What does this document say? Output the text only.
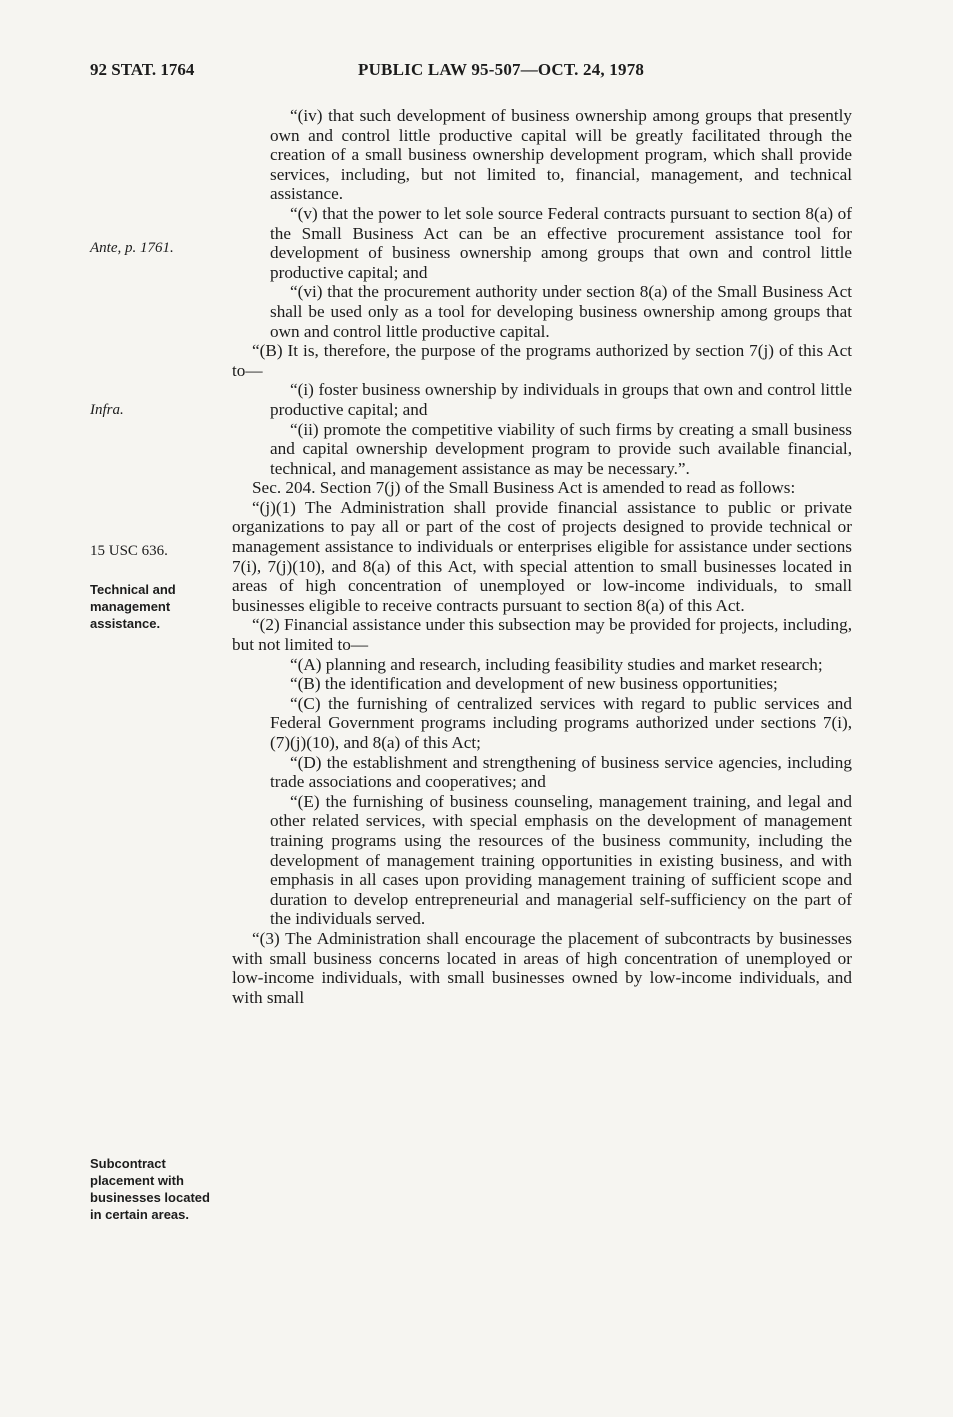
92 STAT. 1764	PUBLIC LAW 95-507—OCT. 24, 1978
Ante, p. 1761.
Infra.
15 USC 636.
Technical and management assistance.
Subcontract placement with businesses located in certain areas.

“(iv) that such development of business ownership among groups that presently own and control little productive capital will be greatly facilitated through the creation of a small business ownership development program, which shall provide services, including, but not limited to, financial, management, and technical assistance.

“(v) that the power to let sole source Federal contracts pursuant to section 8(a) of the Small Business Act can be an effective procurement assistance tool for development of business ownership among groups that own and control little productive capital; and

“(vi) that the procurement authority under section 8(a) of the Small Business Act shall be used only as a tool for developing business ownership among groups that own and control little productive capital.

“(B) It is, therefore, the purpose of the programs authorized by section 7(j) of this Act to—

“(i) foster business ownership by individuals in groups that own and control little productive capital; and

“(ii) promote the competitive viability of such firms by creating a small business and capital ownership development program to provide such available financial, technical, and management assistance as may be necessary.”.

Sec. 204. Section 7(j) of the Small Business Act is amended to read as follows:

“(j)(1) The Administration shall provide financial assistance to public or private organizations to pay all or part of the cost of projects designed to provide technical or management assistance to individuals or enterprises eligible for assistance under sections 7(i), 7(j)(10), and 8(a) of this Act, with special attention to small businesses located in areas of high concentration of unemployed or low-income individuals, to small businesses eligible to receive contracts pursuant to section 8(a) of this Act.

“(2) Financial assistance under this subsection may be provided for projects, including, but not limited to—

“(A) planning and research, including feasibility studies and market research;

“(B) the identification and development of new business opportunities;

“(C) the furnishing of centralized services with regard to public services and Federal Government programs including programs authorized under sections 7(i), (7)(j)(10), and 8(a) of this Act;

“(D) the establishment and strengthening of business service agencies, including trade associations and cooperatives; and

“(E) the furnishing of business counseling, management training, and legal and other related services, with special emphasis on the development of management training programs using the resources of the business community, including the development of management training opportunities in existing business, and with emphasis in all cases upon providing management training of sufficient scope and duration to develop entrepreneurial and managerial self-sufficiency on the part of the individuals served.

“(3) The Administration shall encourage the placement of subcontracts by businesses with small business concerns located in areas of high concentration of unemployed or low-income individuals, with small businesses owned by low-income individuals, and with small
